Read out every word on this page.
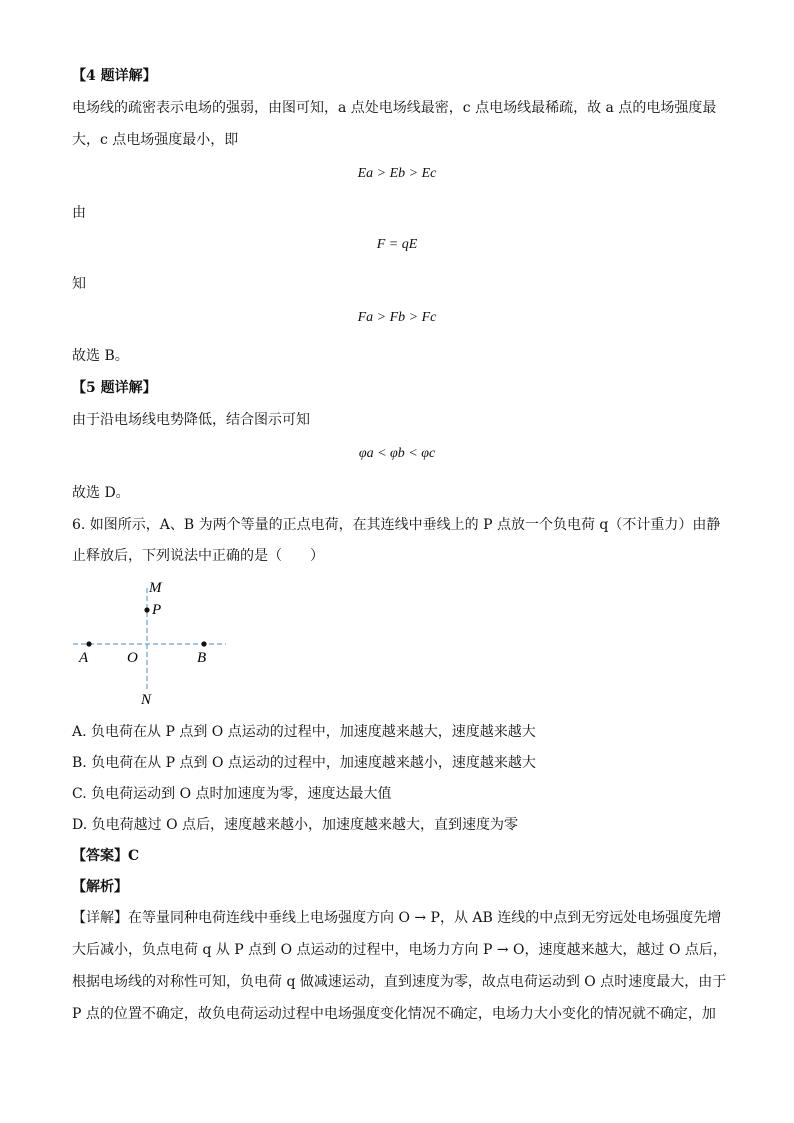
【4 题详解】
电场线的疏密表示电场的强弱，由图可知，a 点处电场线最密，c 点电场线最稀疏，故 a 点的电场强度最
大，c 点电场强度最小，即
Ea > Eb > Ec
由
F = qE
知
Fa > Fb > Fc
故选 B。
【5 题详解】
由于沿电场线电势降低，结合图示可知
φa < φb < φc
故选 D。
6. 如图所示，A、B 为两个等量的正点电荷，在其连线中垂线上的 P 点放一个负电荷 q（不计重力）由静
止释放后，下列说法中正确的是（　　）
M
P
A	O	B
N
A. 负电荷在从 P 点到 O 点运动的过程中，加速度越来越大，速度越来越大
B. 负电荷在从 P 点到 O 点运动的过程中，加速度越来越小，速度越来越大
C. 负电荷运动到 O 点时加速度为零，速度达最大值
D. 负电荷越过 O 点后，速度越来越小，加速度越来越大，直到速度为零
【答案】C
【解析】
【详解】在等量同种电荷连线中垂线上电场强度方向 O → P，从 AB 连线的中点到无穷远处电场强度先增
大后减小，负点电荷 q 从 P 点到 O 点运动的过程中，电场力方向 P → O，速度越来越大，越过 O 点后，
根据电场线的对称性可知，负电荷 q 做减速运动，直到速度为零，故点电荷运动到 O 点时速度最大，由于
P 点的位置不确定，故负电荷运动过程中电场强度变化情况不确定，电场力大小变化的情况就不确定，加
